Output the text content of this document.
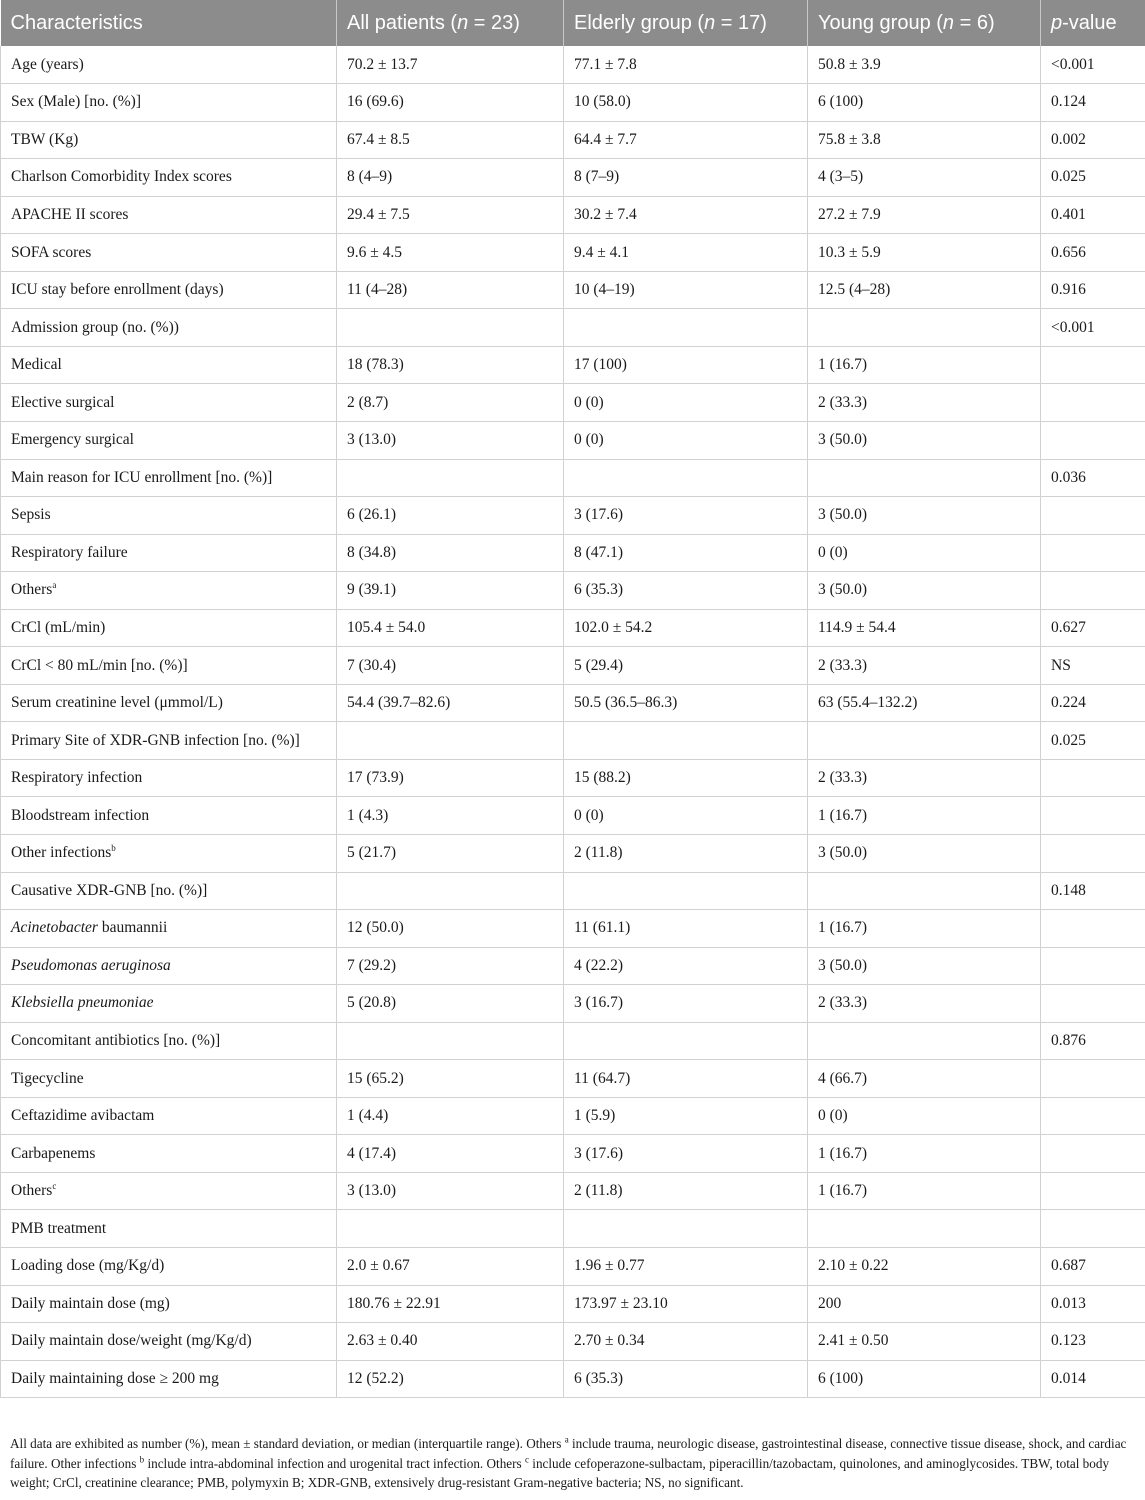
Characteristics	All patients (n = 23)	Elderly group (n = 17)	Young group (n = 6)	p-value
Age (years)	70.2 ± 13.7	77.1 ± 7.8	50.8 ± 3.9	<0.001
Sex (Male) [no. (%)]	16 (69.6)	10 (58.0)	6 (100)	0.124
TBW (Kg)	67.4 ± 8.5	64.4 ± 7.7	75.8 ± 3.8	0.002
Charlson Comorbidity Index scores	8 (4–9)	8 (7–9)	4 (3–5)	0.025
APACHE II scores	29.4 ± 7.5	30.2 ± 7.4	27.2 ± 7.9	0.401
SOFA scores	9.6 ± 4.5	9.4 ± 4.1	10.3 ± 5.9	0.656
ICU stay before enrollment (days)	11 (4–28)	10 (4–19)	12.5 (4–28)	0.916
Admission group (no. (%))				<0.001
Medical	18 (78.3)	17 (100)	1 (16.7)	
Elective surgical	2 (8.7)	0 (0)	2 (33.3)	
Emergency surgical	3 (13.0)	0 (0)	3 (50.0)	
Main reason for ICU enrollment [no. (%)]				0.036
Sepsis	6 (26.1)	3 (17.6)	3 (50.0)	
Respiratory failure	8 (34.8)	8 (47.1)	0 (0)	
Others$^a$	9 (39.1)	6 (35.3)	3 (50.0)	
CrCl (mL/min)	105.4 ± 54.0	102.0 ± 54.2	114.9 ± 54.4	0.627
CrCl < 80 mL/min [no. (%)]	7 (30.4)	5 (29.4)	2 (33.3)	NS
Serum creatinine level (μmmol/L)	54.4 (39.7–82.6)	50.5 (36.5–86.3)	63 (55.4–132.2)	0.224
Primary Site of XDR-GNB infection [no. (%)]				0.025
Respiratory infection	17 (73.9)	15 (88.2)	2 (33.3)	
Bloodstream infection	1 (4.3)	0 (0)	1 (16.7)	
Other infections$^b$	5 (21.7)	2 (11.8)	3 (50.0)	
Causative XDR-GNB [no. (%)]				0.148
Acinetobacter baumannii	12 (50.0)	11 (61.1)	1 (16.7)	
Pseudomonas aeruginosa	7 (29.2)	4 (22.2)	3 (50.0)	
Klebsiella pneumoniae	5 (20.8)	3 (16.7)	2 (33.3)	
Concomitant antibiotics [no. (%)]				0.876
Tigecycline	15 (65.2)	11 (64.7)	4 (66.7)	
Ceftazidime avibactam	1 (4.4)	1 (5.9)	0 (0)	
Carbapenems	4 (17.4)	3 (17.6)	1 (16.7)	
Others$^c$	3 (13.0)	2 (11.8)	1 (16.7)	
PMB treatment				
Loading dose (mg/Kg/d)	2.0 ± 0.67	1.96 ± 0.77	2.10 ± 0.22	0.687
Daily maintain dose (mg)	180.76 ± 22.91	173.97 ± 23.10	200	0.013
Daily maintain dose/weight (mg/Kg/d)	2.63 ± 0.40	2.70 ± 0.34	2.41 ± 0.50	0.123
Daily maintaining dose ≥ 200 mg	12 (52.2)	6 (35.3)	6 (100)	0.014

All data are exhibited as number (%), mean ± standard deviation, or median (interquartile range). Others $^a$ include trauma, neurologic disease, gastrointestinal disease, connective tissue disease, shock, and cardiac failure. Other infections $^b$ include intra-abdominal infection and urogenital tract infection. Others $^c$ include cefoperazone-sulbactam, piperacillin/tazobactam, quinolones, and aminoglycosides. TBW, total body weight; CrCl, creatinine clearance; PMB, polymyxin B; XDR-GNB, extensively drug-resistant Gram-negative bacteria; NS, no significant.
